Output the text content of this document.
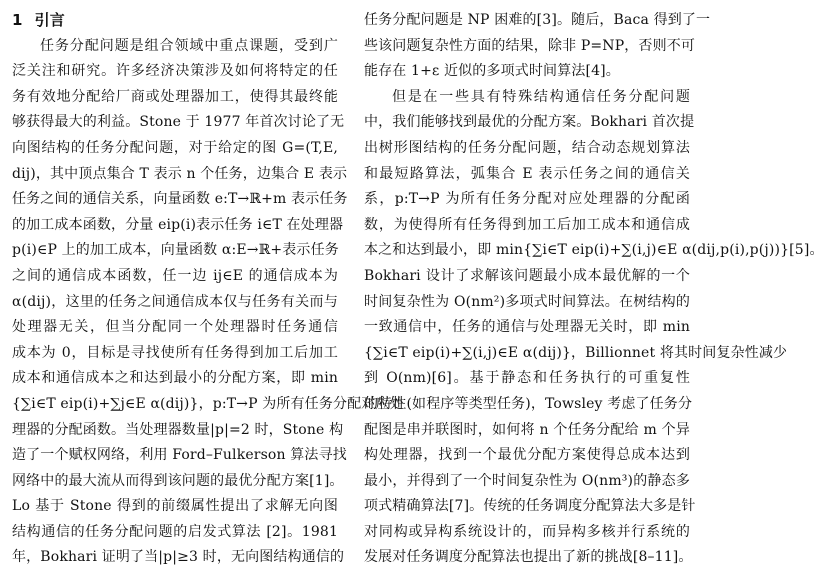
1 引言
任务分配问题是组合领域中重点课题，受到广
泛关注和研究。许多经济决策涉及如何将特定的任
务有效地分配给厂商或处理器加工，使得其最终能
够获得最大的利益。Stone 于 1977 年首次讨论了无
向图结构的任务分配问题，对于给定的图 G=(T,E,
dij)，其中顶点集合 T 表示 n 个任务，边集合 E 表示
任务之间的通信关系，向量函数 e:T→ℝ+m 表示任务
的加工成本函数，分量 eip(i)表示任务 i∈T 在处理器
p(i)∈P 上的加工成本，向量函数 α:E→ℝ+表示任务
之间的通信成本函数，任一边 ij∈E 的通信成本为
α(dij)，这里的任务之间通信成本仅与任务有关而与
处理器无关，但当分配同一个处理器时任务通信
成本为 0，目标是寻找使所有任务得到加工后加工
成本和通信成本之和达到最小的分配方案，即 min
{∑i∈T eip(i)+∑j∈E α(dij)}，p:T→P 为所有任务分配对应处
理器的分配函数。当处理器数量|p|=2 时，Stone 构
造了一个赋权网络，利用 Ford–Fulkerson 算法寻找
网络中的最大流从而得到该问题的最优分配方案[1]。
Lo 基于 Stone 得到的前缀属性提出了求解无向图
结构通信的任务分配问题的启发式算法 [2]。1981
年，Bokhari 证明了当|p|≥3 时，无向图结构通信的
任务分配问题是 NP 困难的[3]。随后，Baca 得到了一
些该问题复杂性方面的结果，除非 P=NP，否则不可
能存在 1+ε 近似的多项式时间算法[4]。
但是在一些具有特殊结构通信任务分配问题
中，我们能够找到最优的分配方案。Bokhari 首次提
出树形图结构的任务分配问题，结合动态规划算法
和最短路算法，弧集合 E 表示任务之间的通信关
系，p:T→P 为所有任务分配对应处理器的分配函
数，为使得所有任务得到加工后加工成本和通信成
本之和达到最小，即 min{∑i∈T eip(i)+∑(i,j)∈E α(dij,p(i),p(j))}[5]。
Bokhari 设计了求解该问题最小成本最优解的一个
时间复杂性为 O(nm²)多项式时间算法。在树结构的
一致通信中，任务的通信与处理器无关时，即 min
{∑i∈T eip(i)+∑(i,j)∈E α(dij)}，Billionnet 将其时间复杂性减少
到 O(nm)[6]。基于静态和任务执行的可重复性
的特性(如程序等类型任务)，Towsley 考虑了任务分
配图是串并联图时，如何将 n 个任务分配给 m 个异
构处理器，找到一个最优分配方案使得总成本达到
最小，并得到了一个时间复杂性为 O(nm³)的静态多
项式精确算法[7]。传统的任务调度分配算法大多是针
对同构或异构系统设计的，而异构多核并行系统的
发展对任务调度分配算法也提出了新的挑战[8–11]。
